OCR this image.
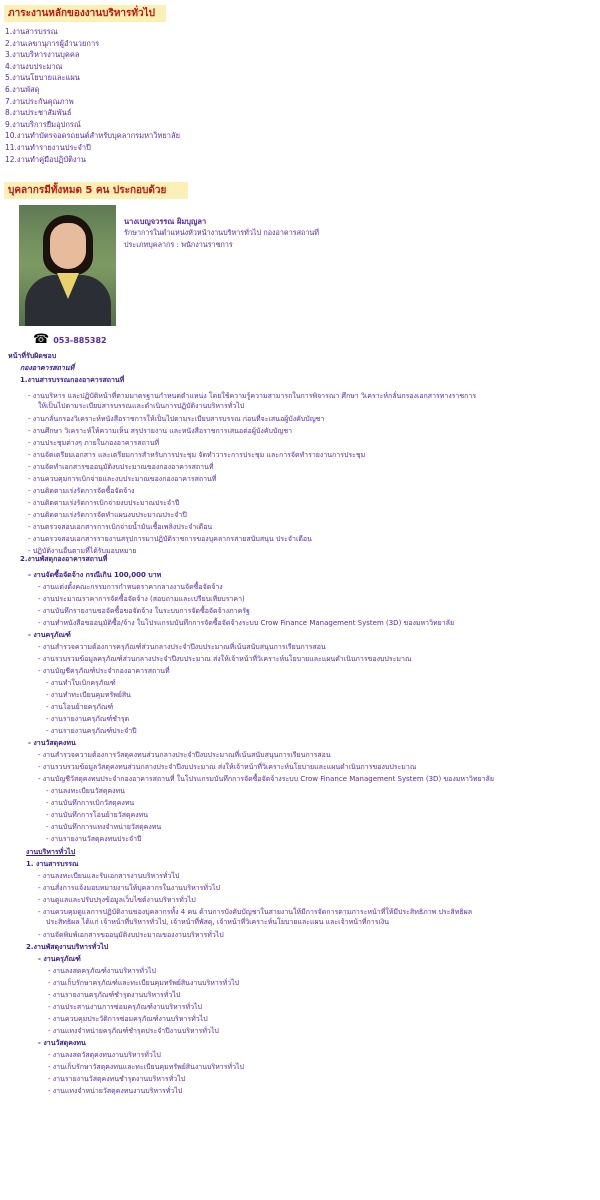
ภาระงานหลักของงานบริหารทั่วไป
1.งานสารบรรณ
2.งานเลขานุการผู้อำนวยการ
3.งานบริหารงานบุคคล
4.งานงบประมาณ
5.งานนโยบายและแผน
6.งานพัสดุ
7.งานประกันคุณภาพ
8.งานประชาสัมพันธ์
9.งานบริการยืมอุปกรณ์
10.งานทำบัตรจอดรถยนต์สำหรับบุคลากรมหาวิทยาลัย
11.งานทำรายงานประจำปี
12.งานทำคู่มือปฏิบัติงาน
บุคลากรมีทั้งหมด 5 คน ประกอบด้วย
นางเบญจวรรณ ผิมบุญลา
รักษาการในตำแหน่งหัวหน้างานบริหารทั่วไป กองอาคารสถานที่
ประเภทบุคลากร : พนักงานราชการ
☎ 053-885382
หน้าที่รับผิดชอบ
กองอาคารสถานที่
1.งานสารบรรณกองอาคารสถานที่
- งานบริหาร และปฏิบัติหน้าที่ตามมาตรฐานกำหนดตำแหน่ง โดยใช้ความรู้ความสามารถในการพิจารณา ศึกษา วิเคราะห์กลั่นกรองเอกสารทางราชการ
ให้เป็นไปตามระเบียบสารบรรณและดำเนินการปฏิบัติงานบริหารทั่วไป
- งานกลั่นกรองวิเคราะห์หนังสือราชการให้เป็นไปตามระเบียบสารบรรณ ก่อนที่จะเสนอผู้บังคับบัญชา
- งานศึกษา วิเคราะห์ให้ความเห็น สรุปรายงาน และหนังสือราชการเสนอต่อผู้บังคับบัญชา
- งานประชุมต่างๆ ภายในกองอาคารสถานที่
- งานจัดเตรียมเอกสาร และเตรียมการสำหรับการประชุม จัดทำวาระการประชุม และการจัดทำรายงานการประชุม
- งานจัดทำเอกสารขออนุมัติงบประมาณของกองอาคารสถานที่
- งานควบคุมการเบิกจ่ายและงบประมาณของกองอาคารสถานที่
- งานติดตามเร่งรัดการจัดซื้อจัดจ้าง
- งานติดตามเร่งรัดการเบิกจ่ายงบประมาณประจำปี
- งานติดตามเร่งรัดการจัดทำแผนงบประมาณประจำปี
- งานตรวจสอบเอกสารการเบิกจ่ายน้ำมันเชื้อเพลิงประจำเดือน
- งานตรวจสอบเอกสารรายงานสรุปการมาปฏิบัติราชการของบุคลากรสายสนับสนุน ประจำเดือน
- ปฏิบัติงานอื่นตามที่ได้รับมอบหมาย
2.งานพัสดุกองอาคารสถานที่
- งานจัดซื้อจัดจ้าง กรณีเกิน 100,000 บาท
- งานแต่งตั้งคณะกรรมการกำหนดราคากลางงานจัดซื้อจัดจ้าง
- งานประมาณราคาการจัดซื้อจัดจ้าง (สอบถามและเปรียบเทียบราคา)
- งานบันทึกรายงานขอจัดซื้อขอจัดจ้าง ในระบบการจัดซื้อจัดจ้างภาครัฐ
- งานทำหนังสือขออนุมัติซื้อ/จ้าง ในโปรแกรมบันทึกการจัดซื้อจัดจ้างระบบ Crow Finance Management System (3D) ของมหาวิทยาลัย
- งานครุภัณฑ์
- งานสำรวจความต้องการครุภัณฑ์ส่วนกลางประจำปีงบประมาณที่เน้นสนับสนุนการเรียนการสอน
- งานรวบรวมข้อมูลครุภัณฑ์ส่วนกลางประจำปีงบประมาณ ส่งให้เจ้าหน้าที่วิเคราะห์นโยบายและแผนดำเนินการของบประมาณ
- งานบัญชีครุภัณฑ์ประจำกองอาคารสถานที่
- งานทำใบเบิกครุภัณฑ์
- งานทำทะเบียนคุมทรัพย์สิน
- งานโอนย้ายครุภัณฑ์
- งานรายงานครุภัณฑ์ชำรุด
- งานรายงานครุภัณฑ์ประจำปี
- งานวัสดุคงทน
- งานสำรวจความต้องการวัสดุคงทนส่วนกลางประจำปีงบประมาณที่เน้นสนับสนุนการเรียนการสอน
- งานรวบรวมข้อมูลวัสดุคงทนส่วนกลางประจำปีงบประมาณ ส่งให้เจ้าหน้าที่วิเคราะห์นโยบายและแผนดำเนินการของบประมาณ
- งานบัญชีวัสดุคงทนประจำกองอาคารสถานที่ ในโปรแกรมบันทึกการจัดซื้อจัดจ้างระบบ Crow Finance Management System (3D) ของมหาวิทยาลัย
- งานลงทะเบียนวัสดุคงทน
- งานบันทึกการเบิกวัสดุคงทน
- งานบันทึกการโอนย้ายวัสดุคงทน
- งานบันทึกการแทงจำหน่ายวัสดุคงทน
- งานรายงานวัสดุคงทนประจำปี
งานบริหารทั่วไป
1. งานสารบรรณ
- งานลงทะเบียนและรับเอกสารงานบริหารทั่วไป
- งานสั่งการแจ้งมอบหมายงานให้บุคลากรในงานบริหารทั่วไป
- งานดูแลและปรับปรุงข้อมูลเว็บไซต์งานบริหารทั่วไป
- งานควบคุมดูแลการปฏิบัติงานของบุคลากรทั้ง 4 คน ด้านการบังคับบัญชาในสายงานให้มีการจัดการตามภาระหน้าที่ให้มีประสิทธิภาพ ประสิทธิผล
ประสิทธิผล ได้แก่ เจ้าหน้าที่บริหารทั่วไป, เจ้าหน้าที่พัสดุ, เจ้าหน้าที่วิเคราะห์นโยบายและแผน และเจ้าหน้าที่การเงิน
- งานจัดพิมพ์เอกสารขออนุมัติงบประมาณของงานบริหารทั่วไป
2.งานพัสดุงานบริหารทั่วไป
- งานครุภัณฑ์
- งานลงสดครุภัณฑ์งานบริหารทั่วไป
- งานเก็บรักษาครุภัณฑ์และทะเบียนคุมทรัพย์สินงานบริหารทั่วไป
- งานรายงานครุภัณฑ์ชำรุดงานบริหารทั่วไป
- งานประสานงานการซ่อมครุภัณฑ์งานบริหารทั่วไป
- งานควบคุมประวัติการซ่อมครุภัณฑ์งานบริหารทั่วไป
- งานแทงจำหน่ายครุภัณฑ์ชำรุดประจำปีงานบริหารทั่วไป
- งานวัสดุคงทน
- งานลงสดวัสดุคงทนงานบริหารทั่วไป
- งานเก็บรักษาวัสดุคงทนและทะเบียนคุมทรัพย์สินงานบริหารทั่วไป
- งานรายงานวัสดุคงทนชำรุดงานบริหารทั่วไป
- งานแทงจำหน่ายวัสดุคงทนงานบริหารทั่วไป
